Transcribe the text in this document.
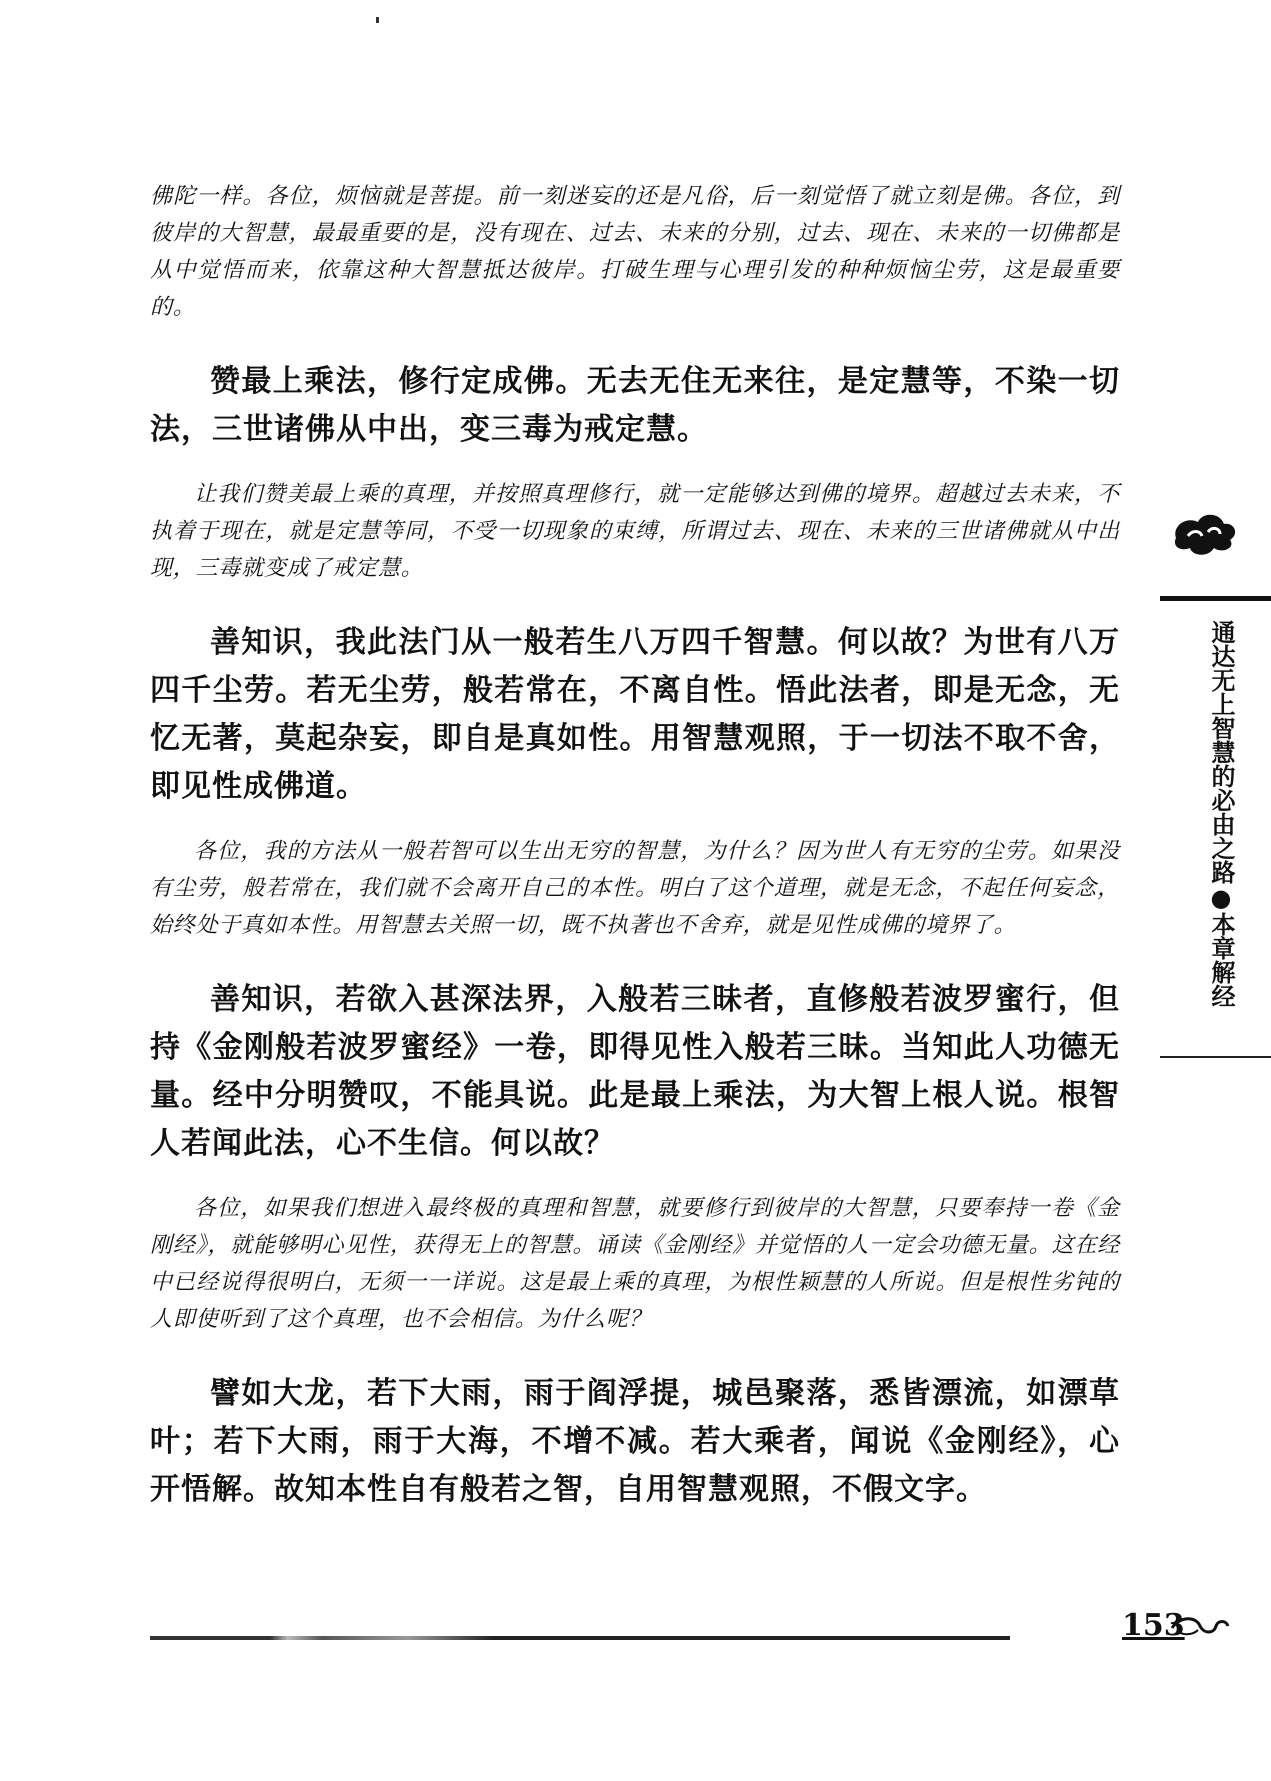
佛陀一样。各位，烦恼就是菩提。前一刻迷妄的还是凡俗，后一刻觉悟了就立刻是佛。各位，到彼岸的大智慧，最最重要的是，没有现在、过去、未来的分别，过去、现在、未来的一切佛都是从中觉悟而来，依靠这种大智慧抵达彼岸。打破生理与心理引发的种种烦恼尘劳，这是最重要的。

赞最上乘法，修行定成佛。无去无住无来往，是定慧等，不染一切法，三世诸佛从中出，变三毒为戒定慧。

让我们赞美最上乘的真理，并按照真理修行，就一定能够达到佛的境界。超越过去未来，不执着于现在，就是定慧等同，不受一切现象的束缚，所谓过去、现在、未来的三世诸佛就从中出现，三毒就变成了戒定慧。

善知识，我此法门从一般若生八万四千智慧。何以故？为世有八万四千尘劳。若无尘劳，般若常在，不离自性。悟此法者，即是无念，无忆无著，莫起杂妄，即自是真如性。用智慧观照，于一切法不取不舍，即见性成佛道。

各位，我的方法从一般若智可以生出无穷的智慧，为什么？因为世人有无穷的尘劳。如果没有尘劳，般若常在，我们就不会离开自己的本性。明白了这个道理，就是无念，不起任何妄念，始终处于真如本性。用智慧去关照一切，既不执著也不舍弃，就是见性成佛的境界了。

善知识，若欲入甚深法界，入般若三昧者，直修般若波罗蜜行，但持《金刚般若波罗蜜经》一卷，即得见性入般若三昧。当知此人功德无量。经中分明赞叹，不能具说。此是最上乘法，为大智上根人说。根智人若闻此法，心不生信。何以故？

各位，如果我们想进入最终极的真理和智慧，就要修行到彼岸的大智慧，只要奉持一卷《金刚经》，就能够明心见性，获得无上的智慧。诵读《金刚经》并觉悟的人一定会功德无量。这在经中已经说得很明白，无须一一详说。这是最上乘的真理，为根性颖慧的人所说。但是根性劣钝的人即使听到了这个真理，也不会相信。为什么呢？

譬如大龙，若下大雨，雨于阎浮提，城邑聚落，悉皆漂流，如漂草叶；若下大雨，雨于大海，不增不减。若大乘者，闻说《金刚经》，心开悟解。故知本性自有般若之智，自用智慧观照，不假文字。

通达无上智慧的必由之路●本章解经
153
